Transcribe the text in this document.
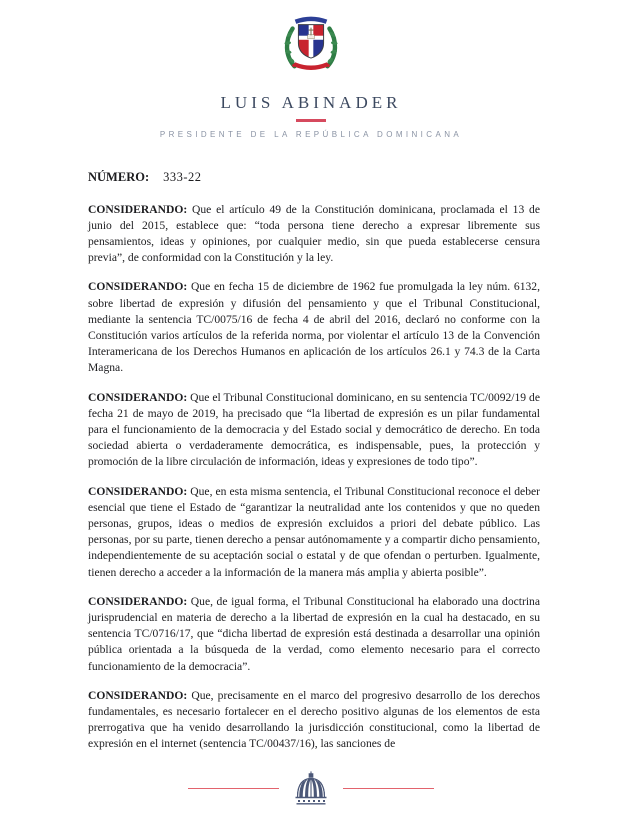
LUIS ABINADER
PRESIDENTE DE LA REPÚBLICA DOMINICANA
NÚMERO: 333-22

CONSIDERANDO: Que el artículo 49 de la Constitución dominicana, proclamada el 13 de junio del 2015, establece que: “toda persona tiene derecho a expresar libremente sus pensamientos, ideas y opiniones, por cualquier medio, sin que pueda establecerse censura previa”, de conformidad con la Constitución y la ley.

CONSIDERANDO: Que en fecha 15 de diciembre de 1962 fue promulgada la ley núm. 6132, sobre libertad de expresión y difusión del pensamiento y que el Tribunal Constitucional, mediante la sentencia TC/0075/16 de fecha 4 de abril del 2016, declaró no conforme con la Constitución varios artículos de la referida norma, por violentar el artículo 13 de la Convención Interamericana de los Derechos Humanos en aplicación de los artículos 26.1 y 74.3 de la Carta Magna.

CONSIDERANDO: Que el Tribunal Constitucional dominicano, en su sentencia TC/0092/19 de fecha 21 de mayo de 2019, ha precisado que “la libertad de expresión es un pilar fundamental para el funcionamiento de la democracia y del Estado social y democrático de derecho. En toda sociedad abierta o verdaderamente democrática, es indispensable, pues, la protección y promoción de la libre circulación de información, ideas y expresiones de todo tipo”.

CONSIDERANDO: Que, en esta misma sentencia, el Tribunal Constitucional reconoce el deber esencial que tiene el Estado de “garantizar la neutralidad ante los contenidos y que no queden personas, grupos, ideas o medios de expresión excluidos a priori del debate público. Las personas, por su parte, tienen derecho a pensar autónomamente y a compartir dicho pensamiento, independientemente de su aceptación social o estatal y de que ofendan o perturben. Igualmente, tienen derecho a acceder a la información de la manera más amplia y abierta posible”.

CONSIDERANDO: Que, de igual forma, el Tribunal Constitucional ha elaborado una doctrina jurisprudencial en materia de derecho a la libertad de expresión en la cual ha destacado, en su sentencia TC/0716/17, que “dicha libertad de expresión está destinada a desarrollar una opinión pública orientada a la búsqueda de la verdad, como elemento necesario para el correcto funcionamiento de la democracia”.

CONSIDERANDO: Que, precisamente en el marco del progresivo desarrollo de los derechos fundamentales, es necesario fortalecer en el derecho positivo algunas de los elementos de esta prerrogativa que ha venido desarrollando la jurisdicción constitucional, como la libertad de expresión en el internet (sentencia TC/00437/16), las sanciones de
